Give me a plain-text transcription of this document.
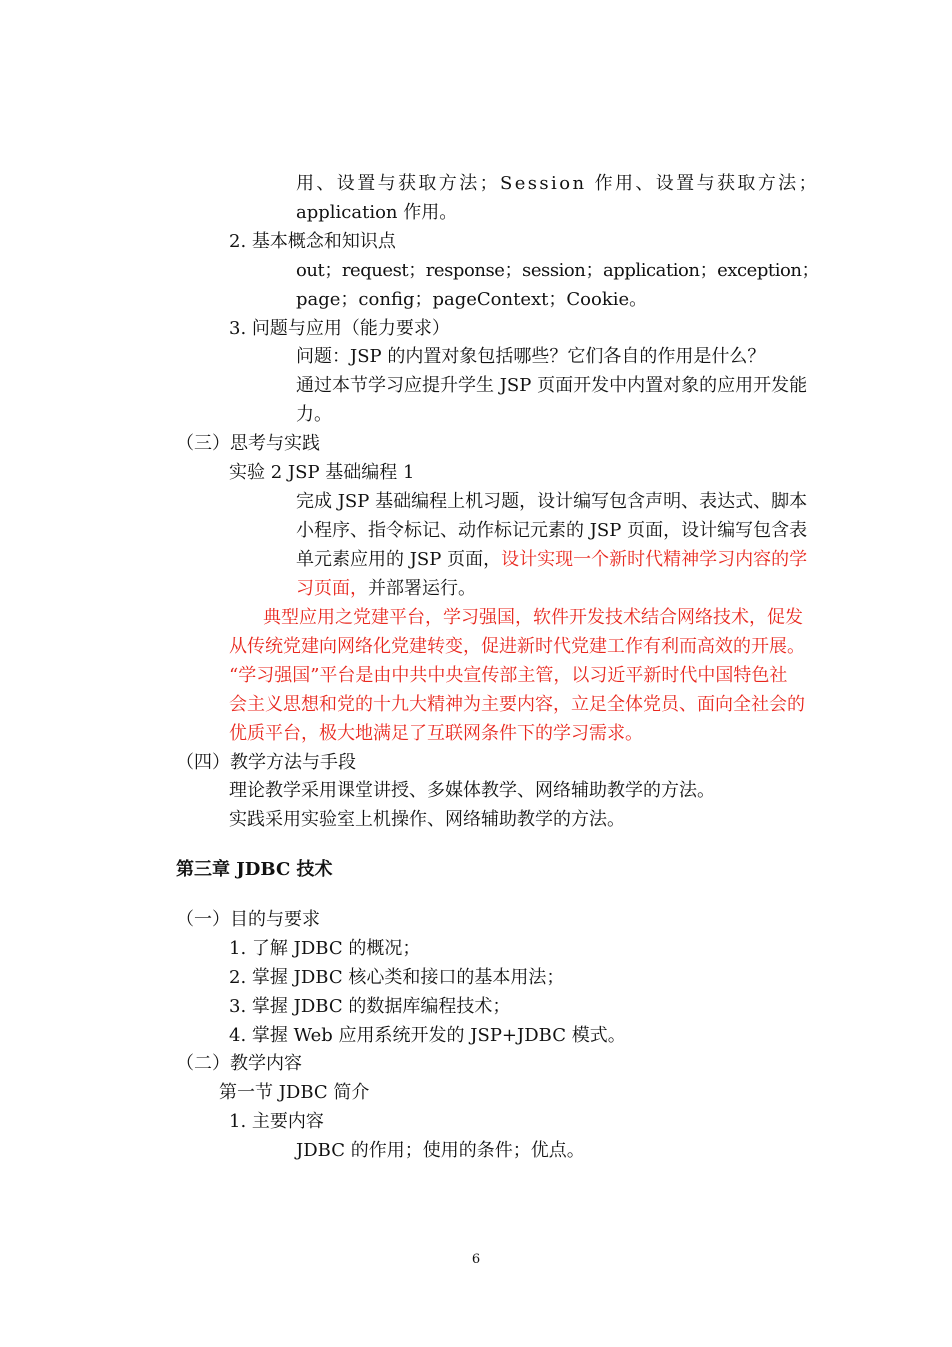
用、设置与获取方法；Session 作用、设置与获取方法；
application 作用。
2. 基本概念和知识点
out；request；response；session；application；exception；
page；config；pageContext；Cookie。
3. 问题与应用（能力要求）
问题：JSP 的内置对象包括哪些？它们各自的作用是什么？
通过本节学习应提升学生 JSP 页面开发中内置对象的应用开发能
力。
（三）思考与实践
实验 2 JSP 基础编程 1
完成 JSP 基础编程上机习题，设计编写包含声明、表达式、脚本
小程序、指令标记、动作标记元素的 JSP 页面，设计编写包含表
单元素应用的 JSP 页面，设计实现一个新时代精神学习内容的学
习页面，并部署运行。
典型应用之党建平台，学习强国，软件开发技术结合网络技术，促发
从传统党建向网络化党建转变，促进新时代党建工作有利而高效的开展。
“学习强国”平台是由中共中央宣传部主管，以习近平新时代中国特色社
会主义思想和党的十九大精神为主要内容，立足全体党员、面向全社会的
优质平台，极大地满足了互联网条件下的学习需求。
（四）教学方法与手段
理论教学采用课堂讲授、多媒体教学、网络辅助教学的方法。
实践采用实验室上机操作、网络辅助教学的方法。
第三章 JDBC 技术
（一）目的与要求
1. 了解 JDBC 的概况；
2. 掌握 JDBC 核心类和接口的基本用法；
3. 掌握 JDBC 的数据库编程技术；
4. 掌握 Web 应用系统开发的 JSP+JDBC 模式。
（二）教学内容
第一节 JDBC 简介
1. 主要内容
JDBC 的作用；使用的条件；优点。
6
